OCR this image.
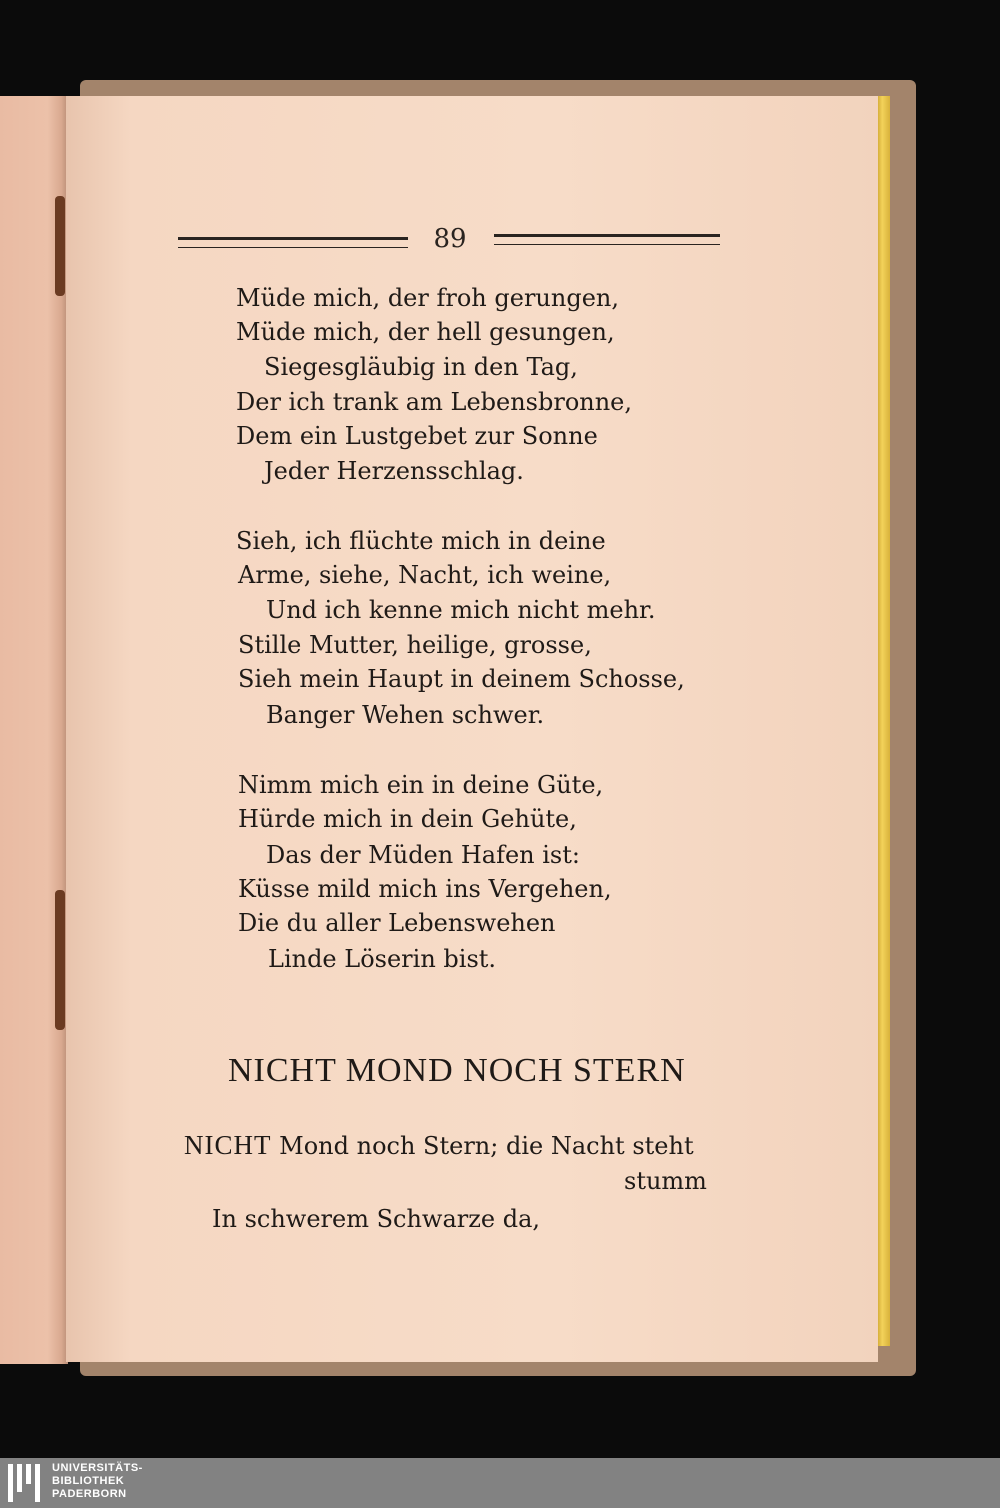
89
Müde mich, der froh gerungen,
Müde mich, der hell gesungen,
Siegesgläubig in den Tag,
Der ich trank am Lebensbronne,
Dem ein Lustgebet zur Sonne
Jeder Herzensschlag.
Sieh, ich flüchte mich in deine
Arme, siehe, Nacht, ich weine,
Und ich kenne mich nicht mehr.
Stille Mutter, heilige, grosse,
Sieh mein Haupt in deinem Schosse,
Banger Wehen schwer.
Nimm mich ein in deine Güte,
Hürde mich in dein Gehüte,
Das der Müden Hafen ist:
Küsse mild mich ins Vergehen,
Die du aller Lebenswehen
Linde Löserin bist.
NICHT MOND NOCH STERN
NICHT Mond noch Stern; die Nacht steht
stumm
In schwerem Schwarze da,
UNIVERSITÄTS-
BIBLIOTHEK
PADERBORN
